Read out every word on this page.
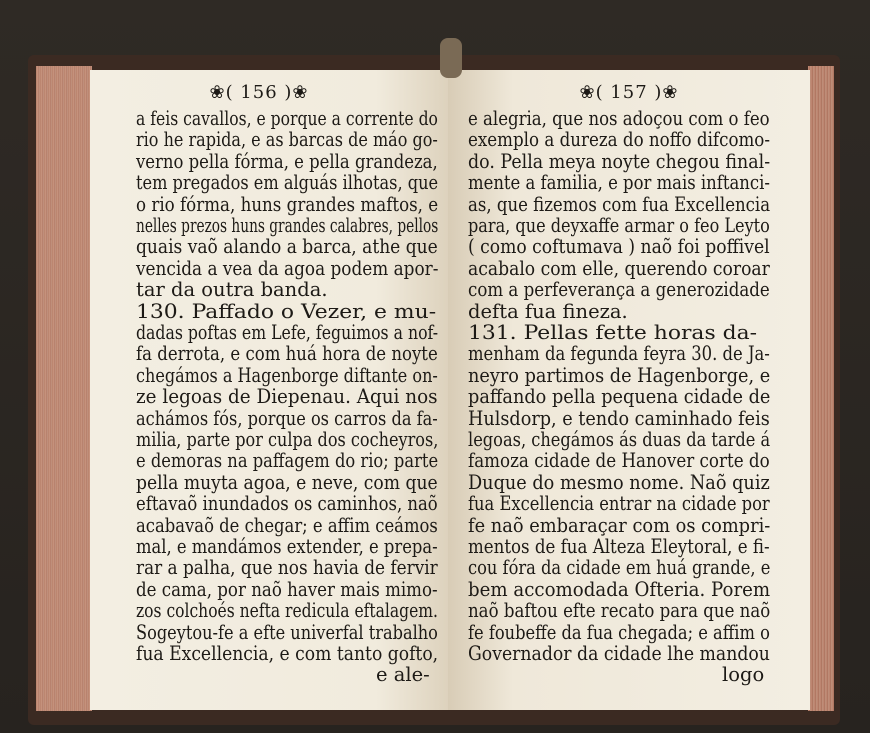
❀( 156 )❀
a feis cavallos, e porque a corrente do
rio he rapida, e as barcas de máo go-
verno pella fórma, e pella grandeza,
tem pregados em alguás ilhotas, que
o rio fórma, huns grandes maftos, e
nelles prezos huns grandes calabres, pellos
quais vaõ alando a barca, athe que
vencida a vea da agoa podem apor-
tar da outra banda.
130. Paffado o Vezer, e mu-
dadas poftas em Lefe, feguimos a nof-
fa derrota, e com huá hora de noyte
chegámos a Hagenborge diftante on-
ze legoas de Diepenau. Aqui nos
achámos fós, porque os carros da fa-
milia, parte por culpa dos cocheyros,
e demoras na paffagem do rio; parte
pella muyta agoa, e neve, com que
eftavaõ inundados os caminhos, naõ
acabavaõ de chegar; e affim ceámos
mal, e mandámos extender, e prepa-
rar a palha, que nos havia de fervir
de cama, por naõ haver mais mimo-
zos colchoés nefta redicula eftalagem.
Sogeytou-fe a efte univerfal trabalho
fua Excellencia, e com tanto gofto,
e ale-
❀( 157 )❀
e alegria, que nos adoçou com o feo
exemplo a dureza do noffo difcomo-
do. Pella meya noyte chegou final-
mente a familia, e por mais inftanci-
as, que fizemos com fua Excellencia
para, que deyxaffe armar o feo Leyto
( como coftumava ) naõ foi poffivel
acabalo com elle, querendo coroar
com a perfeverança a generozidade
defta fua fineza.
131. Pellas fette horas da-
menham da fegunda feyra 30. de Ja-
neyro partimos de Hagenborge, e
paffando pella pequena cidade de
Hulsdorp, e tendo caminhado feis
legoas, chegámos ás duas da tarde á
famoza cidade de Hanover corte do
Duque do mesmo nome. Naõ quiz
fua Excellencia entrar na cidade por
fe naõ embaraçar com os compri-
mentos de fua Alteza Eleytoral, e fi-
cou fóra da cidade em huá grande, e
bem accomodada Ofteria. Porem
naõ baftou efte recato para que naõ
fe foubeffe da fua chegada; e affim o
Governador da cidade lhe mandou
logo
